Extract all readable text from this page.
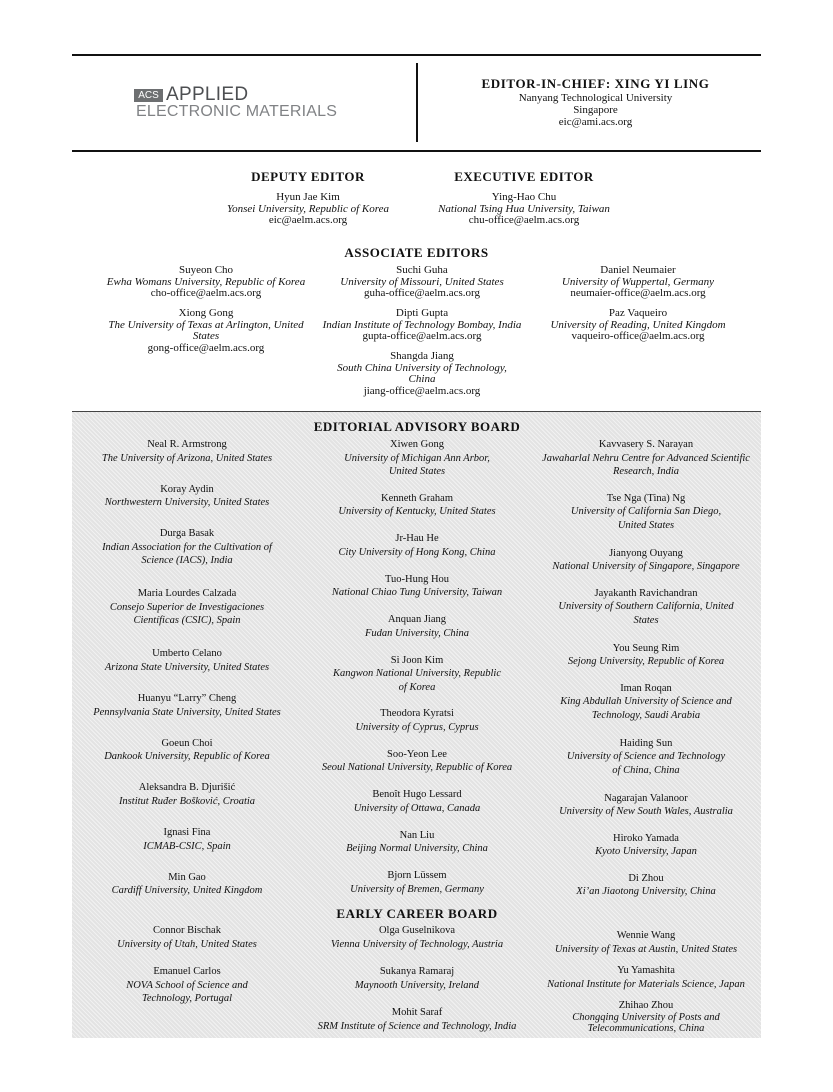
ACS APPLIED
ELECTRONIC MATERIALS
EDITOR-IN-CHIEF: XING YI LING
Nanyang Technological University
Singapore
eic@ami.acs.org
DEPUTY EDITOR
Hyun Jae Kim
Yonsei University, Republic of Korea
eic@aelm.acs.org
EXECUTIVE EDITOR
Ying-Hao Chu
National Tsing Hua University, Taiwan
chu-office@aelm.acs.org
ASSOCIATE EDITORS
Suyeon Cho
Ewha Womans University, Republic of Korea
cho-office@aelm.acs.org
Suchi Guha
University of Missouri, United States
guha-office@aelm.acs.org
Daniel Neumaier
University of Wuppertal, Germany
neumaier-office@aelm.acs.org
Xiong Gong
The University of Texas at Arlington, United States
gong-office@aelm.acs.org
Dipti Gupta
Indian Institute of Technology Bombay, India
gupta-office@aelm.acs.org
Paz Vaqueiro
University of Reading, United Kingdom
vaqueiro-office@aelm.acs.org
Shangda Jiang
South China University of Technology, China
jiang-office@aelm.acs.org
EDITORIAL ADVISORY BOARD
Neal R. Armstrong
The University of Arizona, United States
Koray Aydin
Northwestern University, United States
Durga Basak
Indian Association for the Cultivation of Science (IACS), India
Maria Lourdes Calzada
Consejo Superior de Investigaciones Científicas (CSIC), Spain
Umberto Celano
Arizona State University, United States
Huanyu “Larry” Cheng
Pennsylvania State University, United States
Goeun Choi
Dankook University, Republic of Korea
Aleksandra B. Djurišić
Institut Ruđer Bošković, Croatia
Ignasi Fina
ICMAB-CSIC, Spain
Min Gao
Cardiff University, United Kingdom
Xiwen Gong
University of Michigan Ann Arbor, United States
Kenneth Graham
University of Kentucky, United States
Jr-Hau He
City University of Hong Kong, China
Tuo-Hung Hou
National Chiao Tung University, Taiwan
Anquan Jiang
Fudan University, China
Si Joon Kim
Kangwon National University, Republic of Korea
Theodora Kyratsi
University of Cyprus, Cyprus
Soo-Yeon Lee
Seoul National University, Republic of Korea
Benoît Hugo Lessard
University of Ottawa, Canada
Nan Liu
Beijing Normal University, China
Bjorn Lüssem
University of Bremen, Germany
Kavvasery S. Narayan
Jawaharlal Nehru Centre for Advanced Scientific Research, India
Tse Nga (Tina) Ng
University of California San Diego, United States
Jianyong Ouyang
National University of Singapore, Singapore
Jayakanth Ravichandran
University of Southern California, United States
You Seung Rim
Sejong University, Republic of Korea
Iman Roqan
King Abdullah University of Science and Technology, Saudi Arabia
Haiding Sun
University of Science and Technology of China, China
Nagarajan Valanoor
University of New South Wales, Australia
Hiroko Yamada
Kyoto University, Japan
Di Zhou
Xi’an Jiaotong University, China
EARLY CAREER BOARD
Connor Bischak
University of Utah, United States
Emanuel Carlos
NOVA School of Science and Technology, Portugal
Olga Guselnikova
Vienna University of Technology, Austria
Sukanya Ramaraj
Maynooth University, Ireland
Mohit Saraf
SRM Institute of Science and Technology, India
Wennie Wang
University of Texas at Austin, United States
Yu Yamashita
National Institute for Materials Science, Japan
Zhihao Zhou
Chongqing University of Posts and Telecommunications, China
